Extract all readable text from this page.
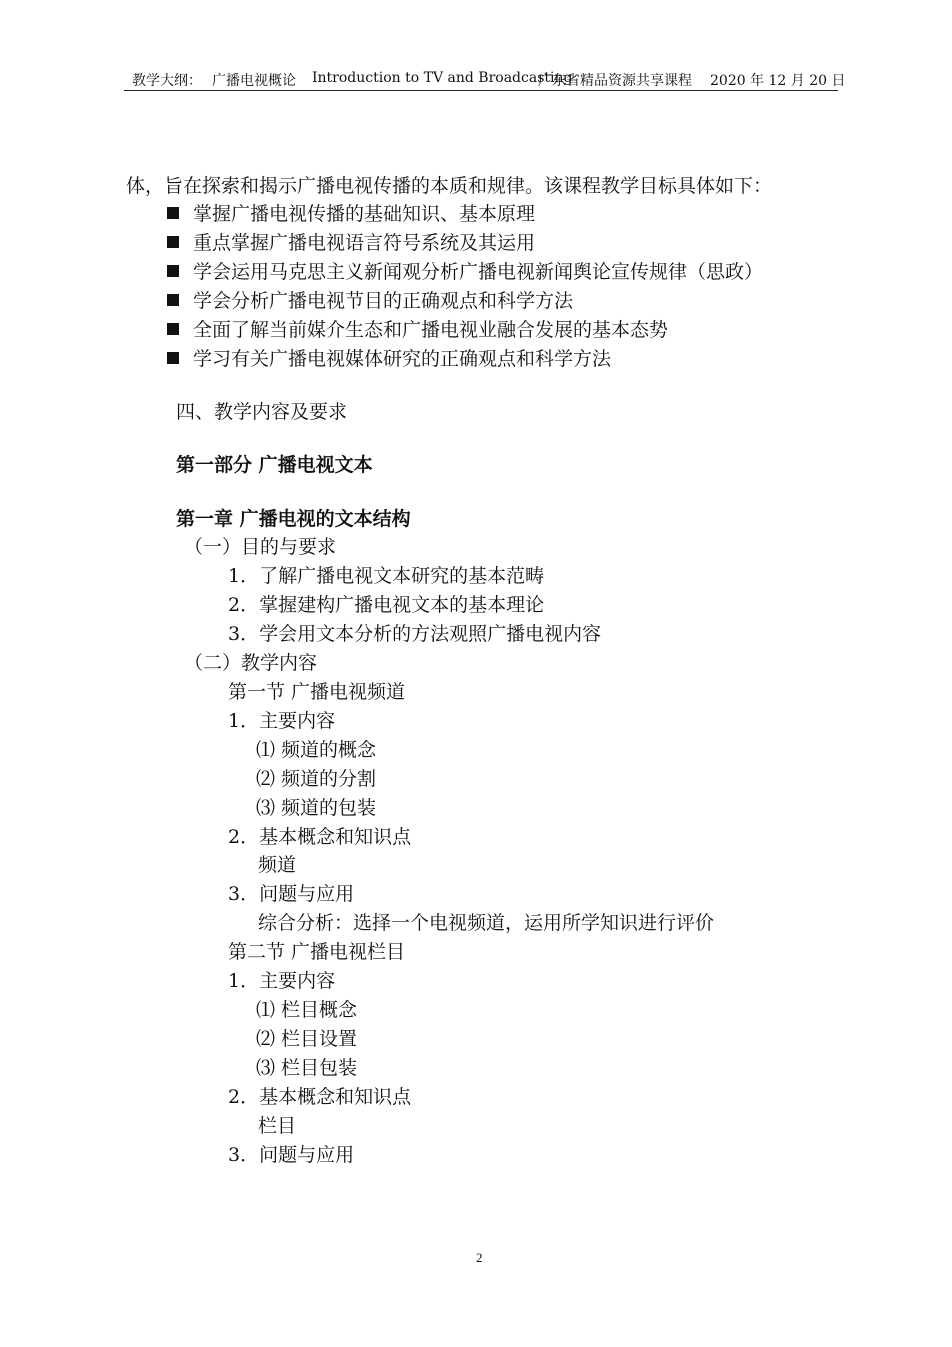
教学大纲： 广播电视概论 Introduction to TV and Broadcasting
广东省精品资源共享课程 2020 年 12 月 20 日
体，旨在探索和揭示广播电视传播的本质和规律。该课程教学目标具体如下：
掌握广播电视传播的基础知识、基本原理
重点掌握广播电视语言符号系统及其运用
学会运用马克思主义新闻观分析广播电视新闻舆论宣传规律（思政）
学会分析广播电视节目的正确观点和科学方法
全面了解当前媒介生态和广播电视业融合发展的基本态势
学习有关广播电视媒体研究的正确观点和科学方法
四、教学内容及要求
第一部分 广播电视文本
第一章 广播电视的文本结构
（一）目的与要求
1．了解广播电视文本研究的基本范畴
2．掌握建构广播电视文本的基本理论
3．学会用文本分析的方法观照广播电视内容
（二）教学内容
第一节 广播电视频道
1．主要内容
⑴ 频道的概念
⑵ 频道的分割
⑶ 频道的包装
2．基本概念和知识点
频道
3．问题与应用
综合分析：选择一个电视频道，运用所学知识进行评价
第二节 广播电视栏目
1．主要内容
⑴ 栏目概念
⑵ 栏目设置
⑶ 栏目包装
2．基本概念和知识点
栏目
3．问题与应用
2
